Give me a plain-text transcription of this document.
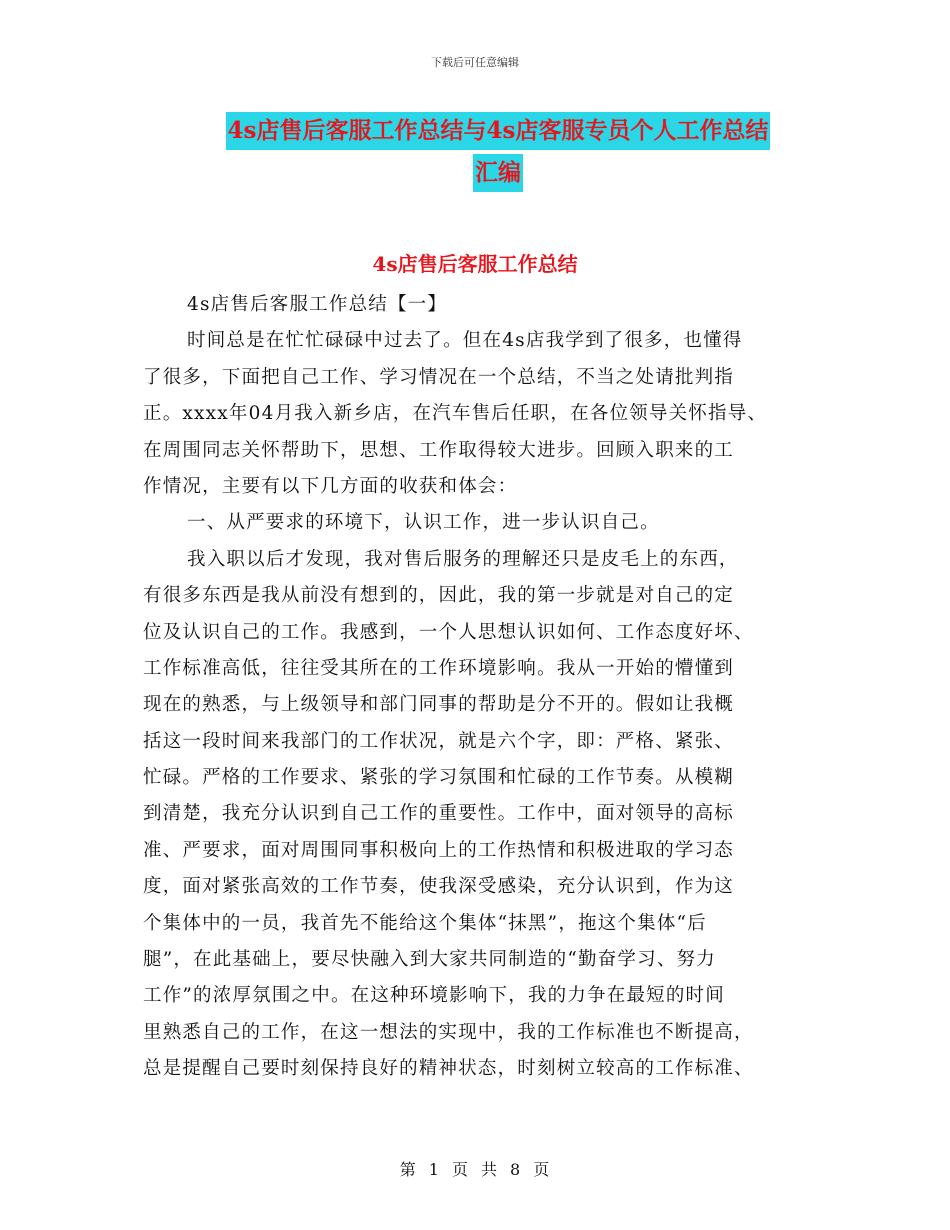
下载后可任意编辑
4s店售后客服工作总结与4s店客服专员个人工作总结
汇编
4s店售后客服工作总结
4s店售后客服工作总结【一】
时间总是在忙忙碌碌中过去了。但在4s店我学到了很多，也懂得
了很多，下面把自己工作、学习情况在一个总结，不当之处请批判指
正。xxxx年04月我入新乡店，在汽车售后任职，在各位领导关怀指导、
在周围同志关怀帮助下，思想、工作取得较大进步。回顾入职来的工
作情况，主要有以下几方面的收获和体会：
一、从严要求的环境下，认识工作，进一步认识自己。
我入职以后才发现，我对售后服务的理解还只是皮毛上的东西，
有很多东西是我从前没有想到的，因此，我的第一步就是对自己的定
位及认识自己的工作。我感到，一个人思想认识如何、工作态度好坏、
工作标准高低，往往受其所在的工作环境影响。我从一开始的懵懂到
现在的熟悉，与上级领导和部门同事的帮助是分不开的。假如让我概
括这一段时间来我部门的工作状况，就是六个字，即：严格、紧张、
忙碌。严格的工作要求、紧张的学习氛围和忙碌的工作节奏。从模糊
到清楚，我充分认识到自己工作的重要性。工作中，面对领导的高标
准、严要求，面对周围同事积极向上的工作热情和积极进取的学习态
度，面对紧张高效的工作节奏，使我深受感染，充分认识到，作为这
个集体中的一员，我首先不能给这个集体“抹黑”，拖这个集体“后
腿”，在此基础上，要尽快融入到大家共同制造的“勤奋学习、努力
工作”的浓厚氛围之中。在这种环境影响下，我的力争在最短的时间
里熟悉自己的工作，在这一想法的实现中，我的工作标准也不断提高，
总是提醒自己要时刻保持良好的精神状态，时刻树立较高的工作标准、
第 1 页 共 8 页
